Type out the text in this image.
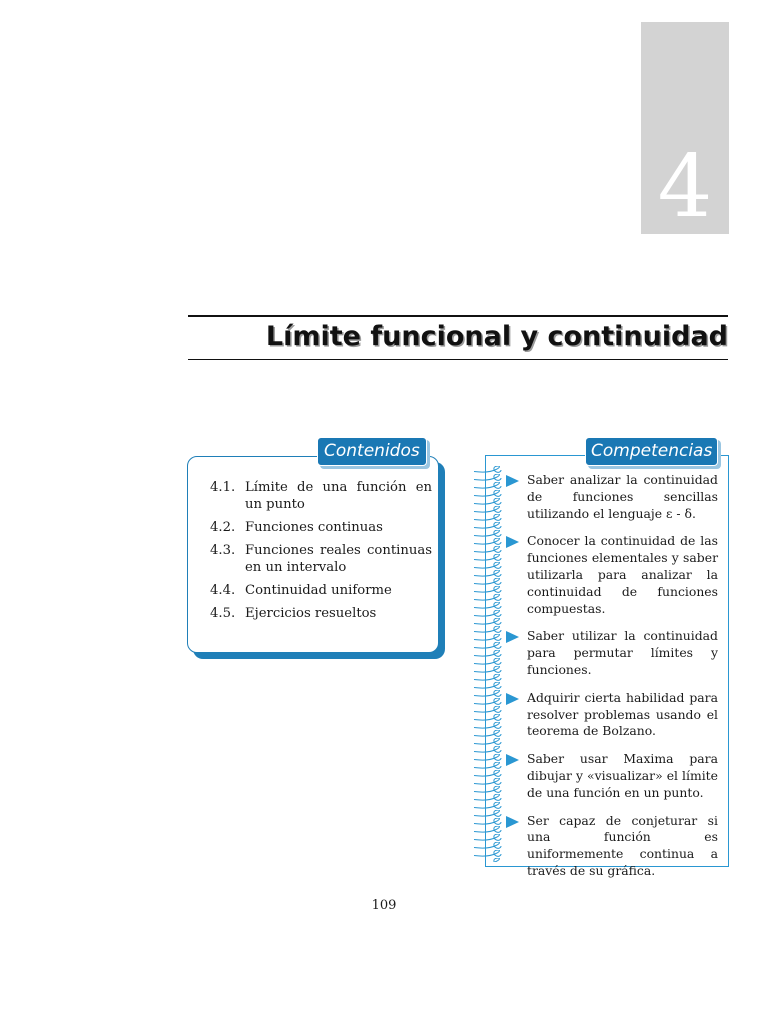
4
Límite funcional y continuidad
Contenidos
4.1. Límite de una función en un punto
4.2. Funciones continuas
4.3. Funciones reales continuas en un intervalo
4.4. Continuidad uniforme
4.5. Ejercicios resueltos
Competencias
Saber analizar la continuidad de funciones sencillas utilizando el lenguaje ε - δ.
Conocer la continuidad de las funciones elementales y saber utilizarla para analizar la continuidad de funciones compuestas.
Saber utilizar la continuidad para permutar límites y funciones.
Adquirir cierta habilidad para resolver problemas usando el teorema de Bolzano.
Saber usar Maxima para dibujar y «visualizar» el límite de una función en un punto.
Ser capaz de conjeturar si una función es uniformemente continua a través de su gráfica.
109
